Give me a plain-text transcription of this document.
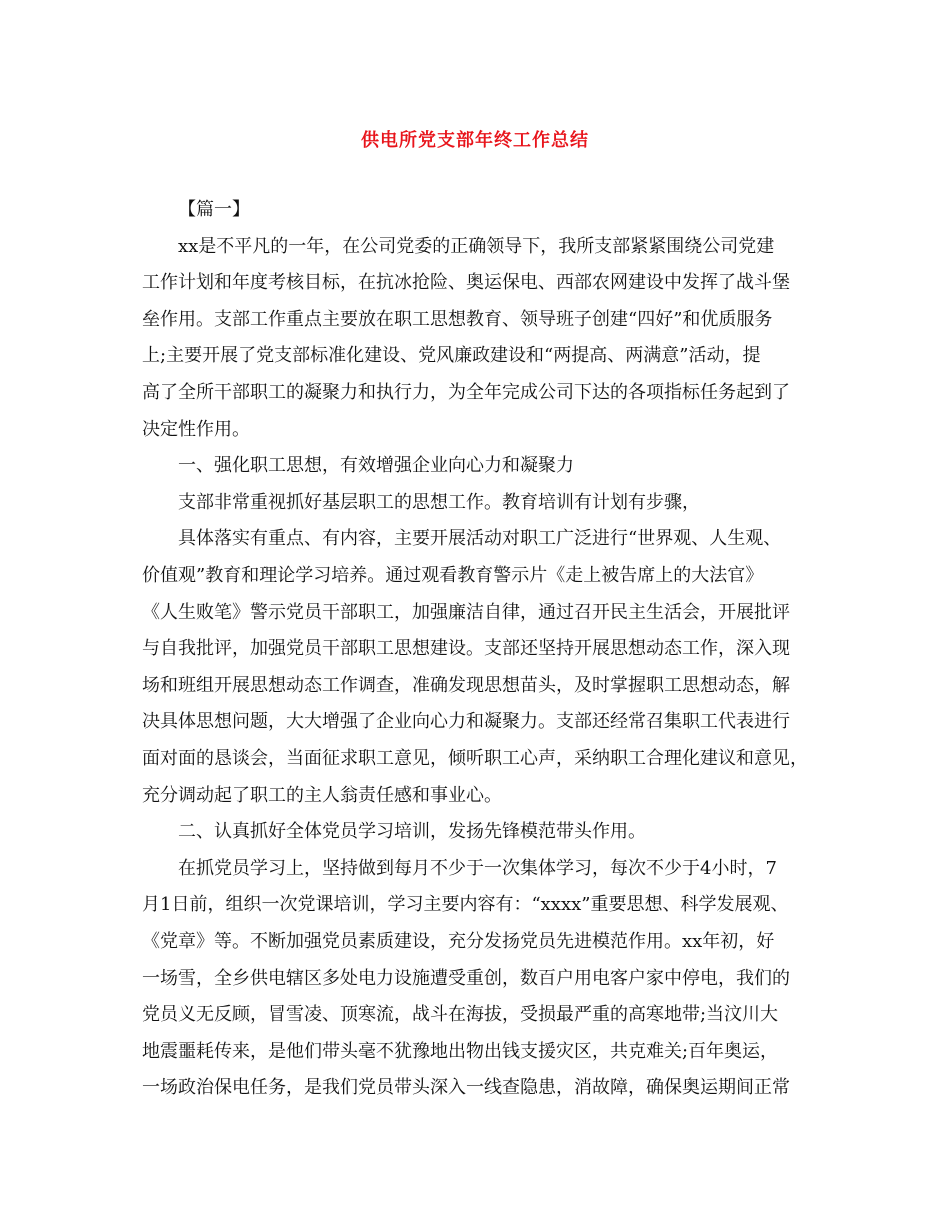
供电所党支部年终工作总结
【篇一】
xx是不平凡的一年，在公司党委的正确领导下，我所支部紧紧围绕公司党建
工作计划和年度考核目标，在抗冰抢险、奥运保电、西部农网建设中发挥了战斗堡
垒作用。支部工作重点主要放在职工思想教育、领导班子创建“四好”和优质服务
上;主要开展了党支部标准化建设、党风廉政建设和“两提高、两满意”活动，提
高了全所干部职工的凝聚力和执行力，为全年完成公司下达的各项指标任务起到了
决定性作用。
一、强化职工思想，有效增强企业向心力和凝聚力
支部非常重视抓好基层职工的思想工作。教育培训有计划有步骤，
具体落实有重点、有内容，主要开展活动对职工广泛进行“世界观、人生观、
价值观”教育和理论学习培养。通过观看教育警示片《走上被告席上的大法官》
《人生败笔》警示党员干部职工，加强廉洁自律，通过召开民主生活会，开展批评
与自我批评，加强党员干部职工思想建设。支部还坚持开展思想动态工作，深入现
场和班组开展思想动态工作调查，准确发现思想苗头，及时掌握职工思想动态，解
决具体思想问题，大大增强了企业向心力和凝聚力。支部还经常召集职工代表进行
面对面的恳谈会，当面征求职工意见，倾听职工心声，采纳职工合理化建议和意见，
充分调动起了职工的主人翁责任感和事业心。
二、认真抓好全体党员学习培训，发扬先锋模范带头作用。
在抓党员学习上，坚持做到每月不少于一次集体学习，每次不少于4小时，7
月1日前，组织一次党课培训，学习主要内容有：“xxxx”重要思想、科学发展观、
《党章》等。不断加强党员素质建设，充分发扬党员先进模范作用。xx年初，好
一场雪，全乡供电辖区多处电力设施遭受重创，数百户用电客户家中停电，我们的
党员义无反顾，冒雪凌、顶寒流，战斗在海拔，受损最严重的高寒地带;当汶川大
地震噩耗传来，是他们带头毫不犹豫地出物出钱支援灾区，共克难关;百年奥运，
一场政治保电任务，是我们党员带头深入一线查隐患，消故障，确保奥运期间正常
